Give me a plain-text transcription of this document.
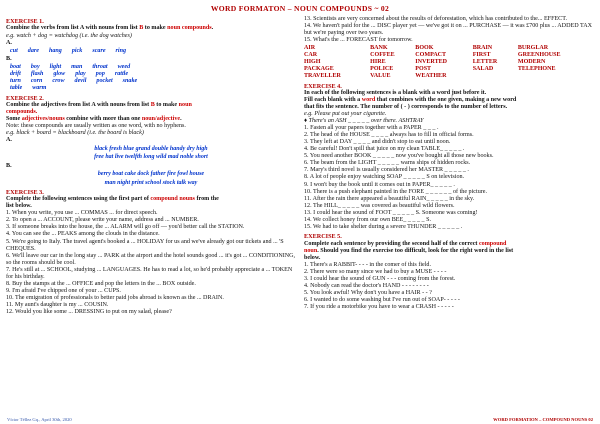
WORD FORMATON – NOUN COMPOUNDS ~ 02
EXERCISE 1.

Combine the verbs from list A with nouns from list B to make noun compounds.

e.g. watch + dog = watchdog (i.e. the dog watches)

A.

cut dare hang pick scare ring

B.

boat boy light man throat weed
drift flash glow play pop rattle
turn corn crow devil pocket snake
table warm
EXERCISE 2.

Combine the adjectives from list A with nouns from list B to make noun

compounds.

Some adjectives/nouns combine with more than one noun/adjective.

Note: these compounds are usually written as one word, with no hyphens.

e.g. black + board = blackboard (i.e. the board is black)

A.

black fresh blue grand double handy dry high
free hat live twelfth long wild mad noble short

B.

berry boat cake dock father fire fowl house
man night print school stock talk way
EXERCISE 3.

Complete the following sentences using the first part of compound nouns from the

list below.

1. When you write, you use ... COMMAS ... for direct speech.

2. To open a ... ACCOUNT, please write your name, address and ... NUMBER.

3. If someone breaks into the house, the ... ALARM will go off — you'd better call the STATION.

4. You can see the ... PEAKS among the clouds in the distance.

5. We're going to Italy. The travel agent's booked a ... HOLIDAY for us and we've already got our tickets and ... 'S CHEQUES.

6. We'll leave our car in the long stay ... PARK at the airport and the hotel sounds good ... it's got ... CONDITIONING, so the rooms should be cool.

7. He's still at ... SCHOOL, studying ... LANGUAGES. He has to read a lot, so he'd probably appreciate a ... TOKEN for his birthday.

8. Buy the stamps at the ... OFFICE and pop the letters in the ... BOX outside.

9. I'm afraid I've chipped one of your ... CUPS.

10. The emigration of professionals to better paid jobs abroad is known as the ... DRAIN.

11. My aunt's daughter is my ... COUSIN.

12. Would you like some ... DRESSING to put on my salad, please?

13. Scientists are very concerned about the results of deforestation, which has contributed to the... EFFECT.

14. We haven't paid for the ... DISC player yet — we've got it on ... PURCHASE — it was £700 plus ... ADDED TAX but we're paying over two years.

15. What's the ... FORECAST for tomorrow.

AIR	BANK	BOOK	BRAIN	BURGLAR
CAR	COFFEE	COMPACT	FIRST	GREENHOUSE
HIGH	HIRE	INVERTED	LETTER	MODERN
PACKAGE	POLICE	POST	SALAD	TELEPHONE
TRAVELLER	VALUE	WEATHER		
EXERCISE 4.

In each of the following sentences is a blank with a word just before it.

Fill each blank with a word that combines with the one given, making a new word

that fits the sentence. The number of ( - ) corresponds to the number of letters.

e.g. Please put out your cigarette.

♦ There's an ASH _ _ _ _ _ over there. ASHTRAY

1. Fasten all your papers together with a PAPER _ _ _ .

2. The head of the HOUSE _ _ _ _ always has to fill in official forms.

3. They left at DAY _ _ _ _ and didn't stop to eat until noon.

4. Be careful! Don't spill that juice on my clean TABLE_ _ _ _ _ .

5. You need another BOOK _ _ _ _ _ now you've bought all those new books.

6. The beam from the LIGHT _ _ _ _ _ warns ships of hidden rocks.

7. Mary's third novel is usually considered her MASTER _ _ _ _ _ .

8. A lot of people enjoy watching SOAP _ _ _ _ _ S on television.

9. I won't buy the book until it comes out in PAPER_ _ _ _ _ .

10. There is a push elephant painted in the FORE _ _ _ _ _ _ of the picture.

11. After the rain there appeared a beautiful RAIN_ _ _ _ _ in the sky.

12. The HILL_ _ _ _ _ was covered as beautiful wild flowers.

13. I could hear the sound of FOOT _ _ _ _ _ S. Someone was coming!

14. We collect honey from our own BEE_ _ _ _ _ S.

15. We had to take shelter during a severe THUNDER _ _ _ _ _ .

EXERCISE 5.

Complete each sentence by providing the second half of the correct compound

noun. Should you find the exercise too difficult, look for the right word in the list

below.

1. There's a RABBIT- - - - in the comer of this field.

2. There were so many since we had to buy a MUSE - - - -

3. I could hear the sound of GUN - - - coming from the forest.

4. Nobody can read the doctor's HAND - - - - - - - -

5. You look awful! Why don't you have a HAIR - - ?

6. I wanted to do some washing but I've run out of SOAP- - - - -

7. If you ride a motorbike you have to wear a CRASH - - - - -

Víctor Téllez Gq., April 30th, 2020	WORD FORMATION – COMPOUND NOUNS 02
